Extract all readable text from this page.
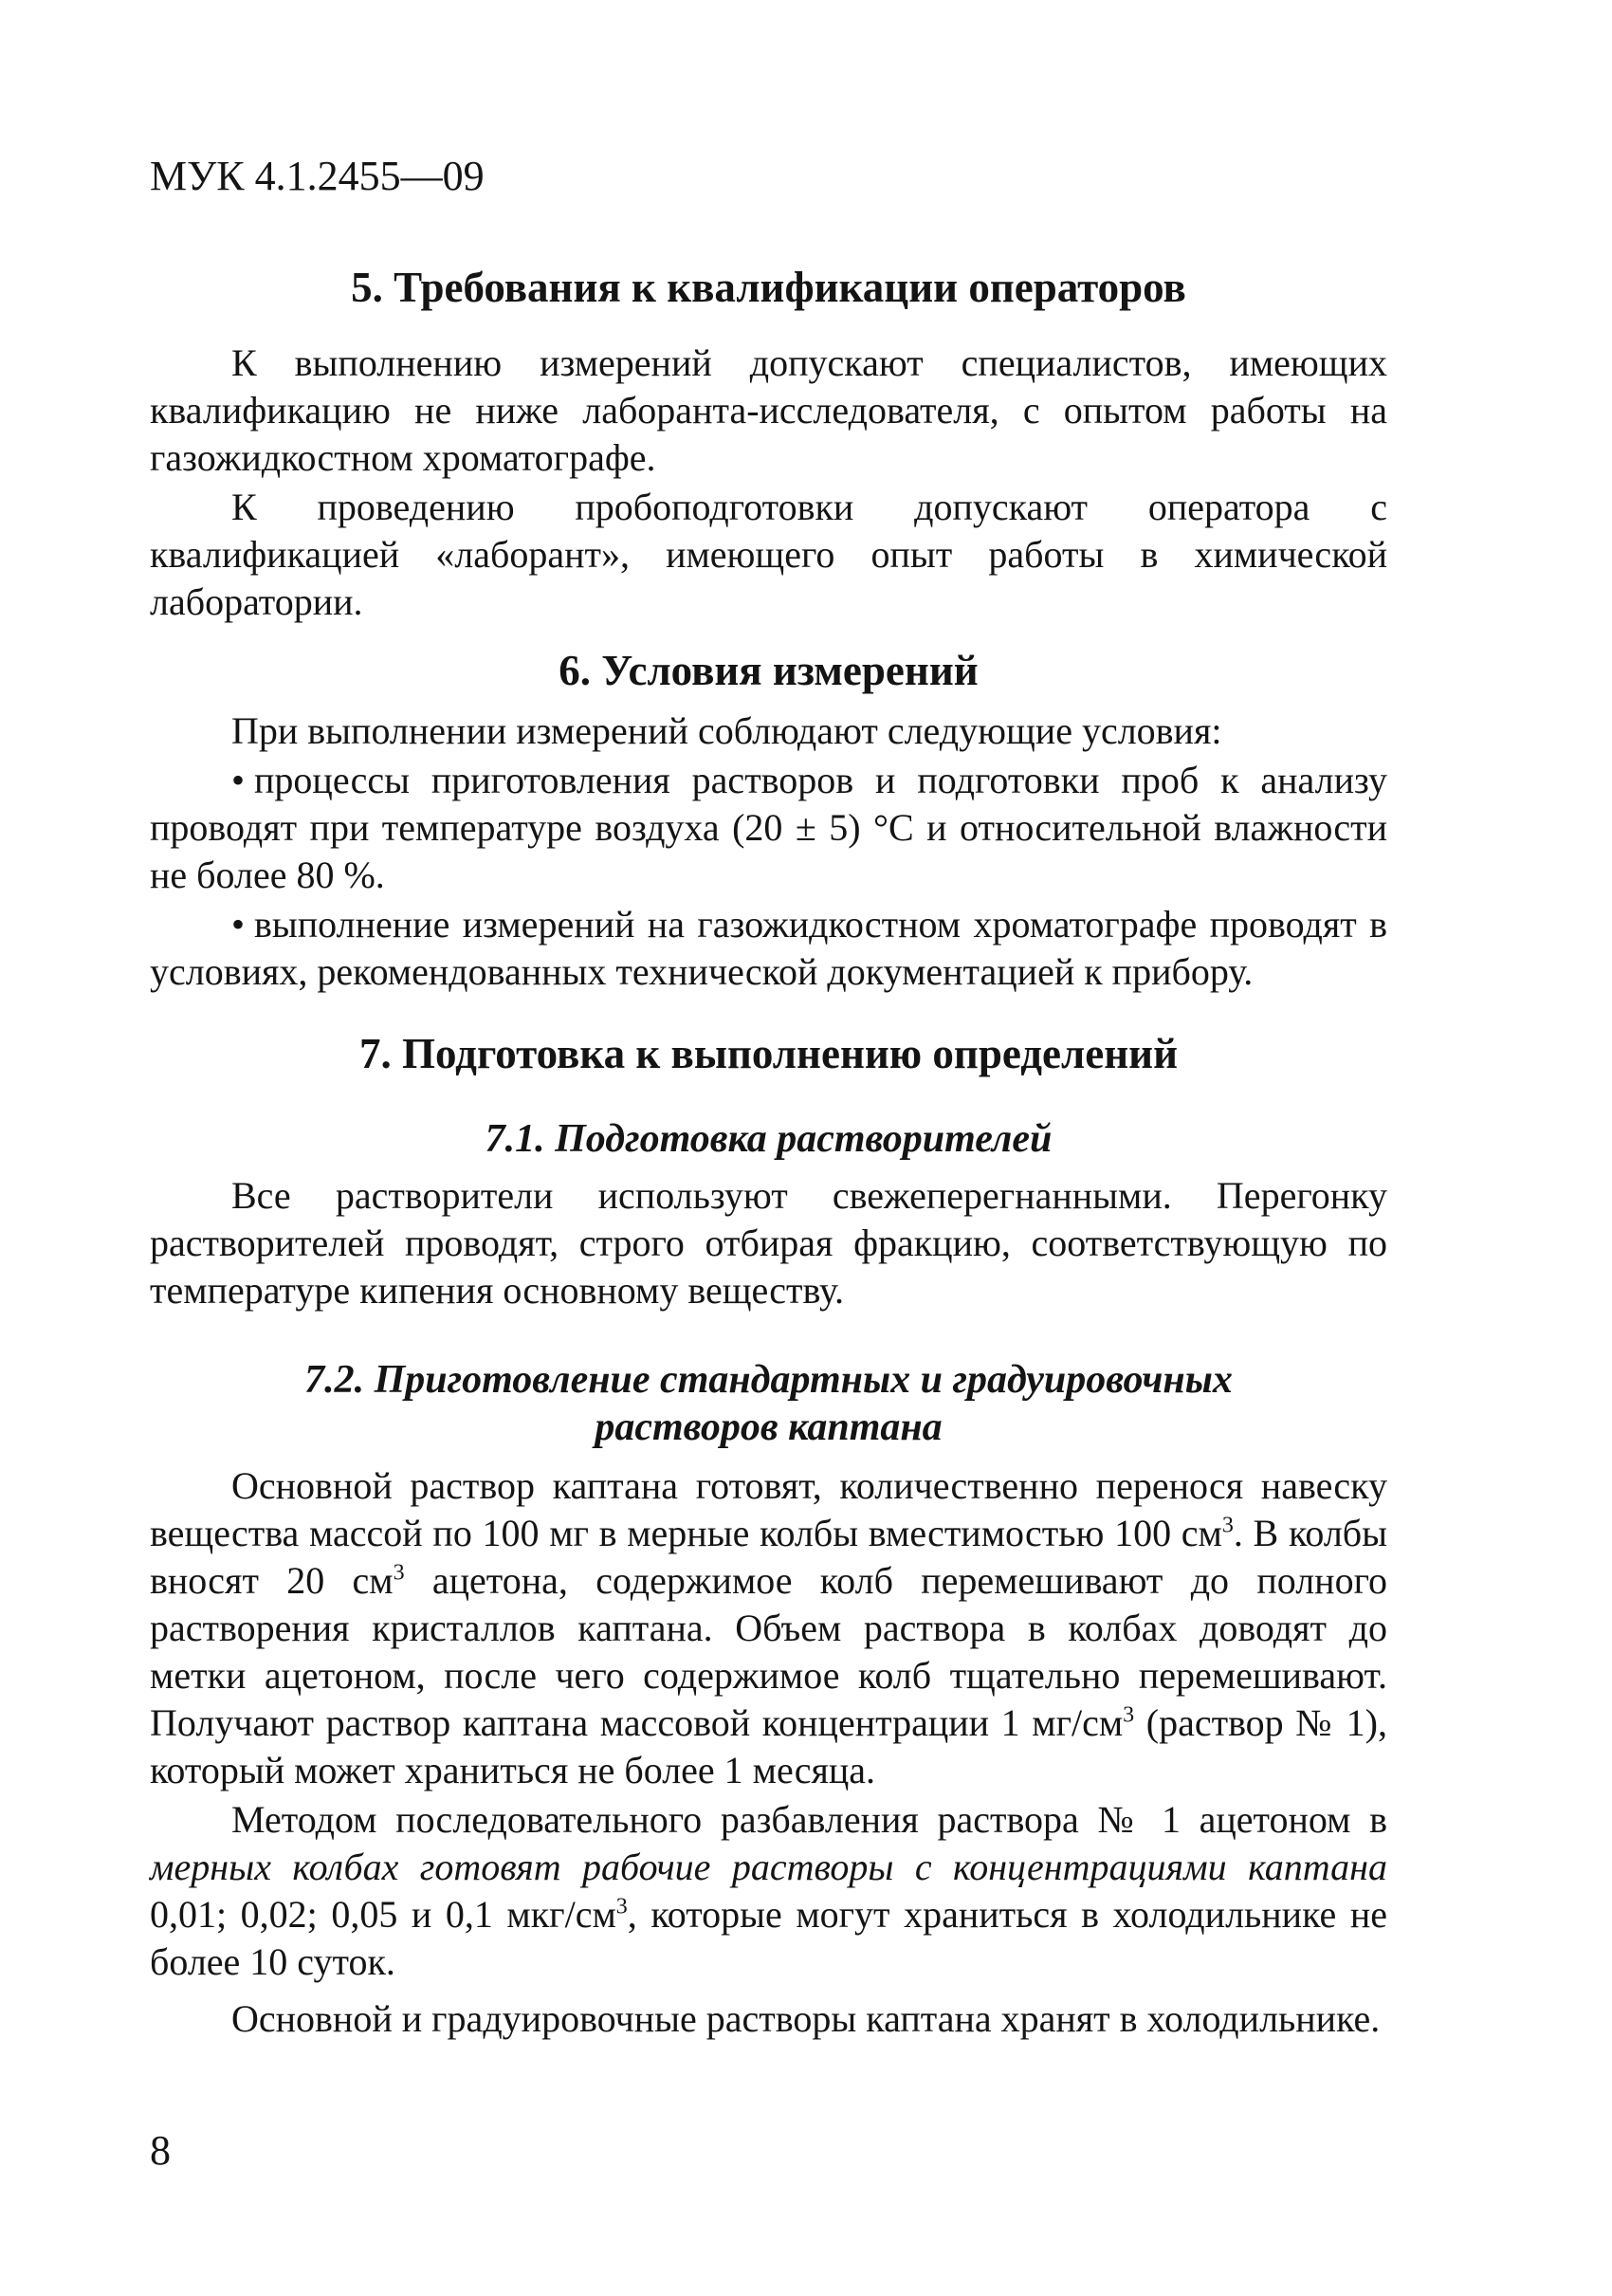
МУК 4.1.2455—09
5. Требования к квалификации операторов

К выполнению измерений допускают специалистов, имеющих квалификацию не ниже лаборанта-исследователя, с опытом работы на газожидкостном хроматографе.

К проведению пробоподготовки допускают оператора с квалификацией «лаборант», имеющего опыт работы в химической лаборатории.

6. Условия измерений

При выполнении измерений соблюдают следующие условия:

• процессы приготовления растворов и подготовки проб к анализу проводят при температуре воздуха (20 ± 5) °С и относительной влажности не более 80 %.

• выполнение измерений на газожидкостном хроматографе проводят в условиях, рекомендованных технической документацией к прибору.

7. Подготовка к выполнению определений
7.1. Подготовка растворителей

Все растворители используют свежеперегнанными. Перегонку растворителей проводят, строго отбирая фракцию, соответствующую по температуре кипения основному веществу.

7.2. Приготовление стандартных и градуировочных
растворов каптана

Основной раствор каптана готовят, количественно перенося навеску вещества массой по 100 мг в мерные колбы вместимостью 100 $см^3$. В колбы вносят 20 $см^3$ ацетона, содержимое колб перемешивают до полного растворения кристаллов каптана. Объем раствора в колбах доводят до метки ацетоном, после чего содержимое колб тщательно перемешивают. Получают раствор каптана массовой концентрации 1 $мг/см^3$ (раствор № 1), который может храниться не более 1 месяца.

Методом последовательного разбавления раствора № 1 ацетоном в мерных колбах готовят рабочие растворы с концентрациями каптана 0,01; 0,02; 0,05 и 0,1 мкг/$см^3$, которые могут храниться в холодильнике не более 10 суток.

Основной и градуировочные растворы каптана хранят в холодильнике.

8
